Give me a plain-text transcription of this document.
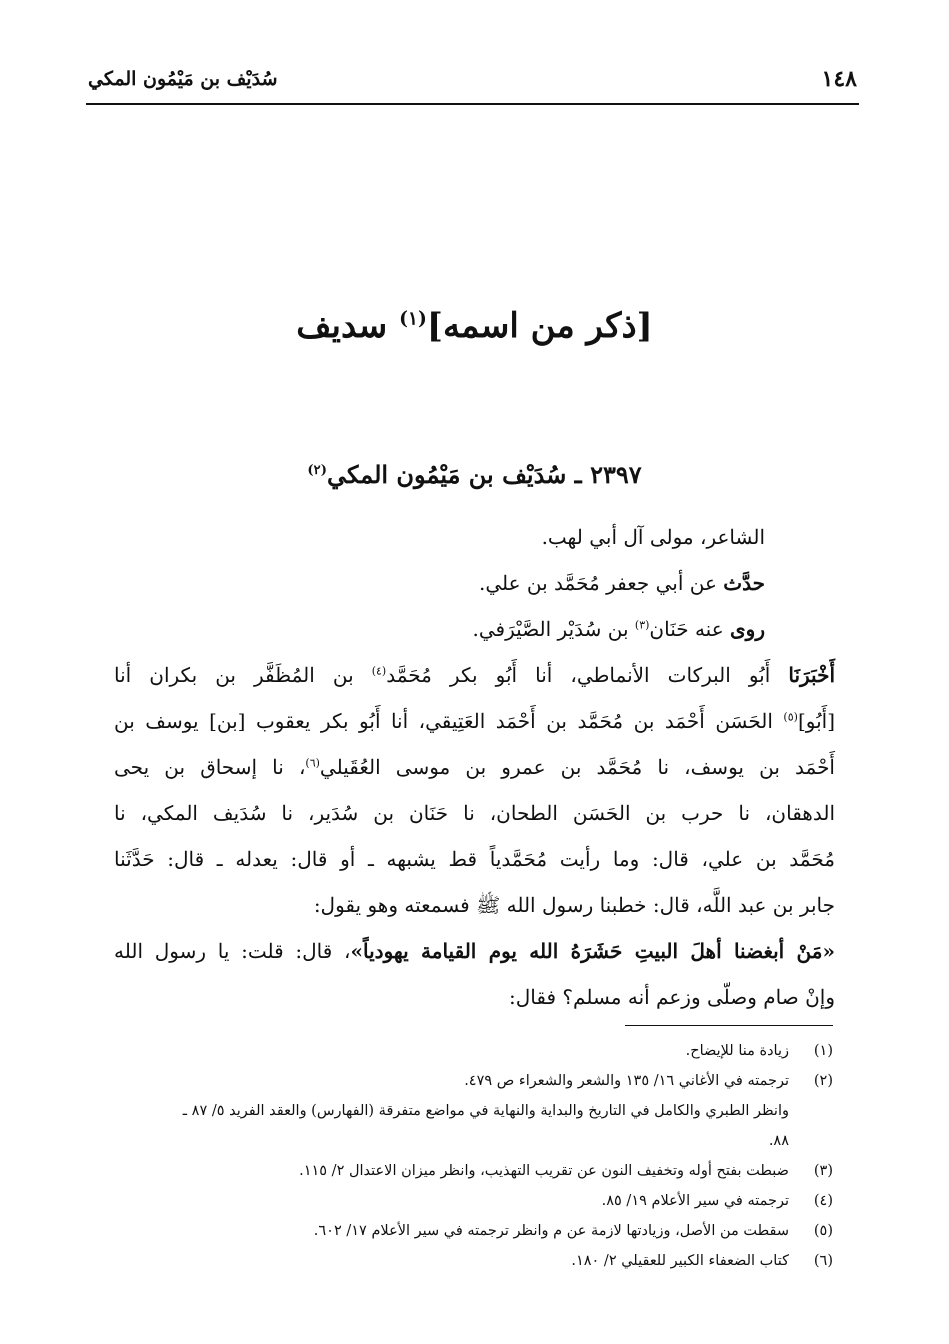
١٤٨
سُدَيْف بن مَيْمُون المكي
[ذكر من اسمه]$^{(١)}$ سديف
٢٣٩٧ ـ سُدَيْف بن مَيْمُون المكي$^{(٢)}$
الشاعر، مولى آل أبي لهب.
حدَّث عن أبي جعفر مُحَمَّد بن علي.
روى عنه حَنَان$^{(٣)}$ بن سُدَيْر الصَّيْرَفي.
أَخْبَرَنَا أَبُو البركات الأنماطي، أنا أَبُو بكر مُحَمَّد$^{(٤)}$ بن المُظَفَّر بن بكران أنا
[أَبُو]$^{(٥)}$ الحَسَن أَحْمَد بن مُحَمَّد بن أَحْمَد العَتِيقي، أنا أَبُو بكر يعقوب [بن] يوسف بن
أَحْمَد بن يوسف، نا مُحَمَّد بن عمرو بن موسى العُقَيلي$^{(٦)}$، نا إسحاق بن يحى
الدهقان، نا حرب بن الحَسَن الطحان، نا حَنَان بن سُدَير، نا سُدَيف المكي، نا
مُحَمَّد بن علي، قال: وما رأيت مُحَمَّدياً قط يشبهه ـ أو قال: يعدله ـ قال: حَدَّثَنا
جابر بن عبد اللَّه، قال: خطبنا رسول الله ﷺ فسمعته وهو يقول:
«مَنْ أبغضنا أهلَ البيتِ حَشَرَهُ الله يوم القيامة يهودياً»، قال: قلت: يا رسول الله
وإنْ صام وصلّى وزعم أنه مسلم؟ فقال:
(١)
زيادة منا للإيضاح.
(٢)
ترجمته في الأغاني ١٦/ ١٣٥ والشعر والشعراء ص ٤٧٩.
وانظر الطبري والكامل في التاريخ والبداية والنهاية في مواضع متفرقة (الفهارس) والعقد الفريد ٥/ ٨٧ ـ
٨٨.
(٣)
ضبطت بفتح أوله وتخفيف النون عن تقريب التهذيب، وانظر ميزان الاعتدال ٢/ ١١٥.
(٤)
ترجمته في سير الأعلام ١٩/ ٨٥.
(٥)
سقطت من الأصل، وزيادتها لازمة عن م وانظر ترجمته في سير الأعلام ١٧/ ٦٠٢.
(٦)
كتاب الضعفاء الكبير للعقيلي ٢/ ١٨٠.
